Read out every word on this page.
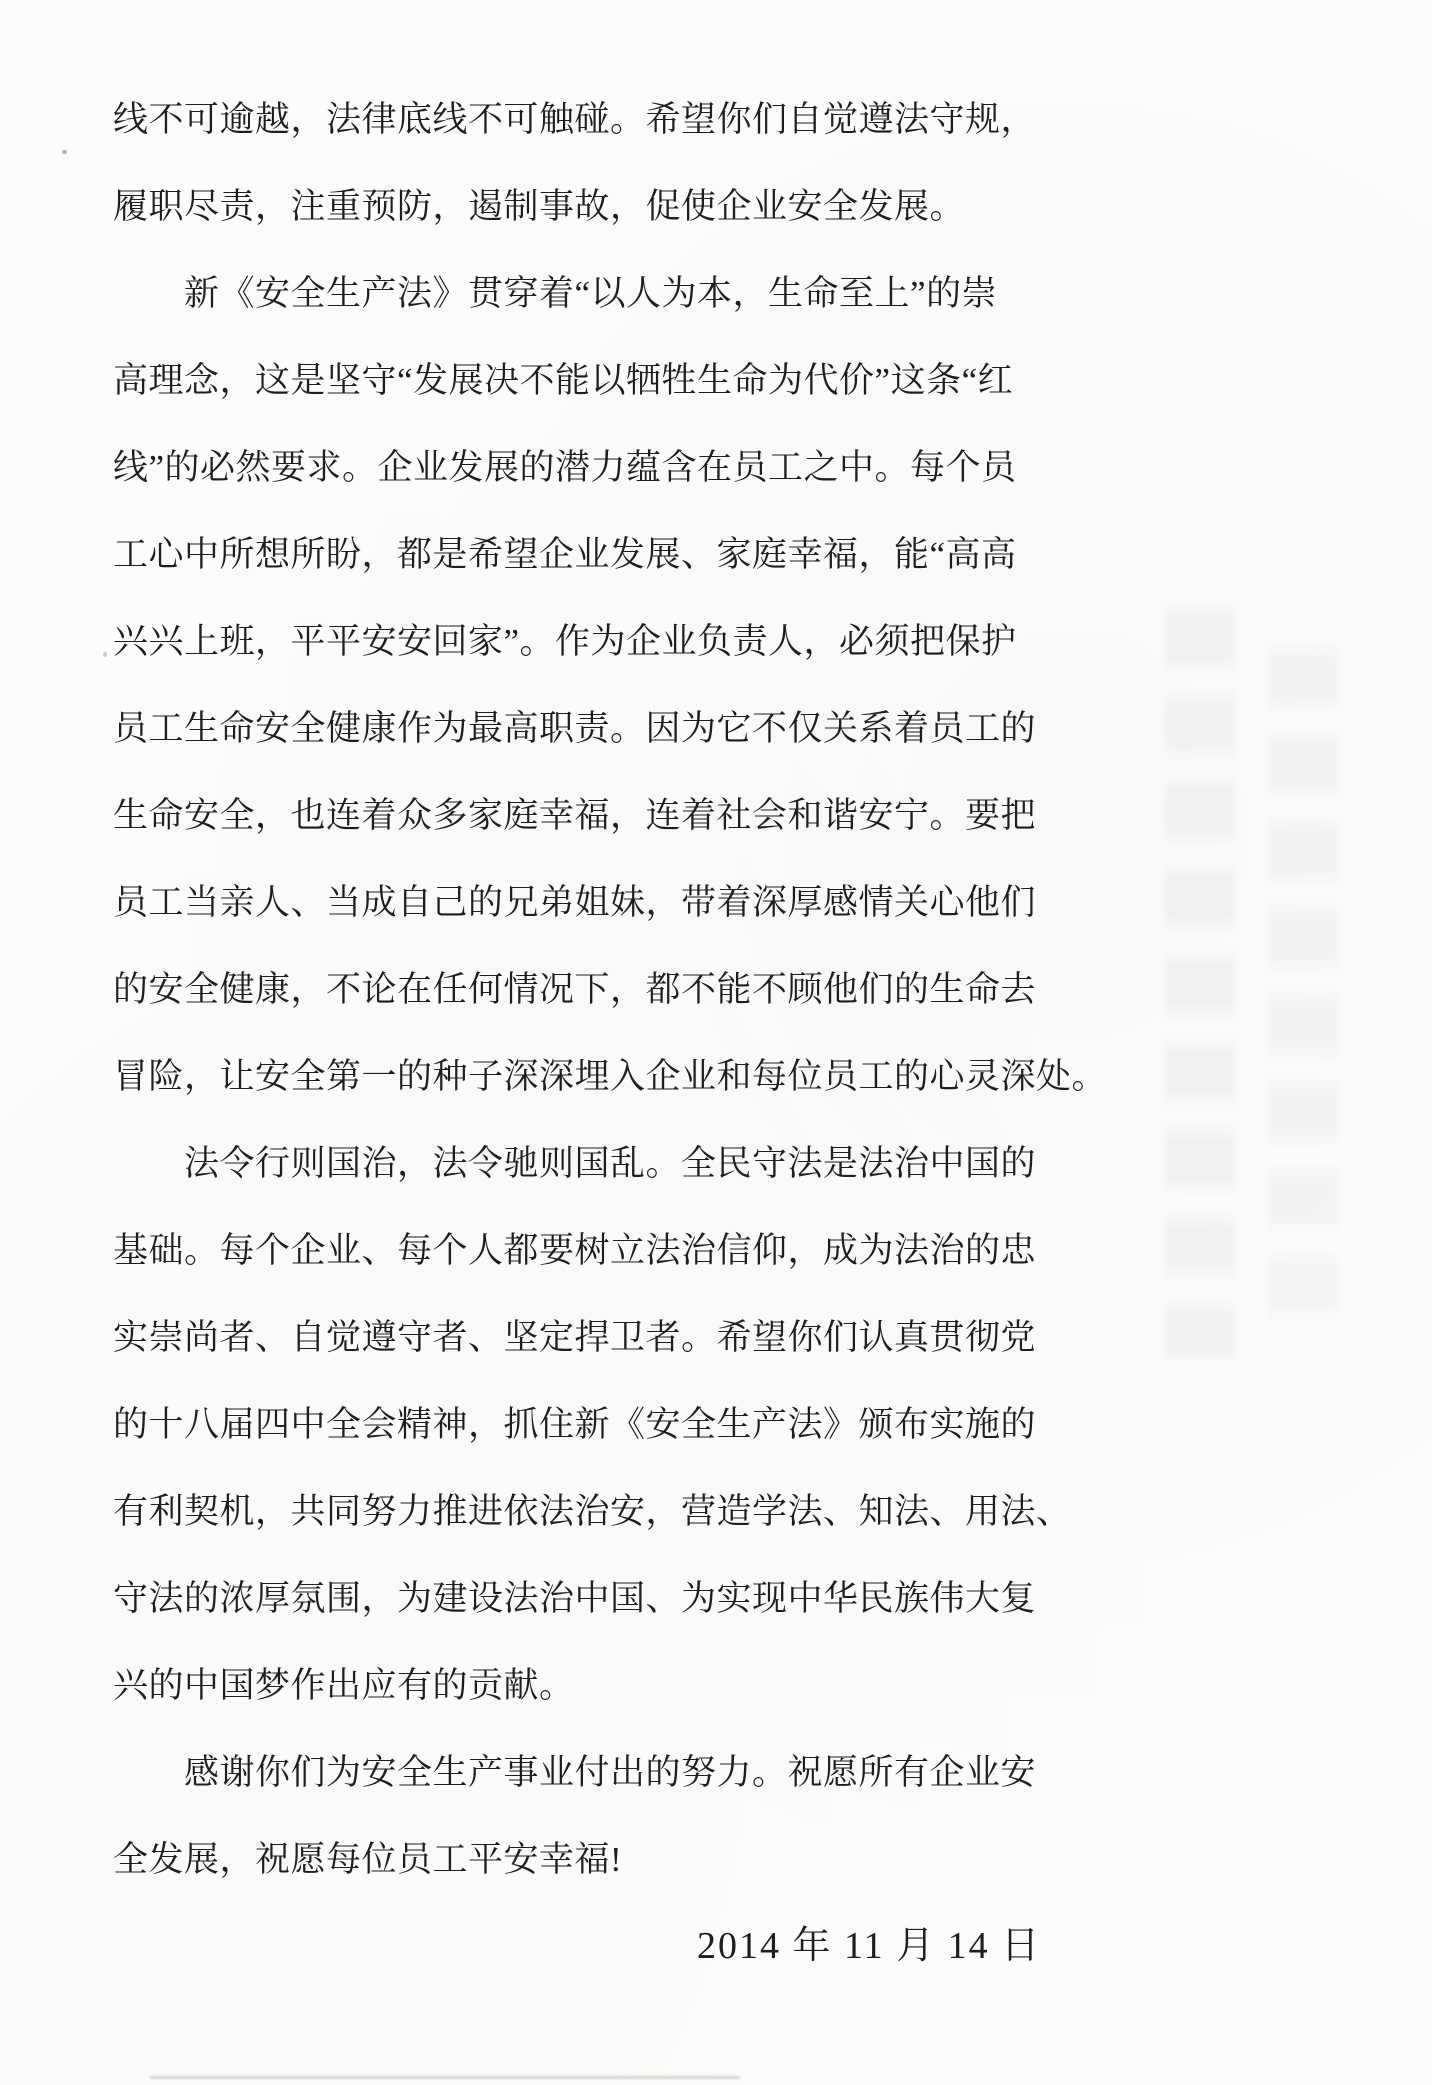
线不可逾越，法律底线不可触碰。希望你们自觉遵法守规，
履职尽责，注重预防，遏制事故，促使企业安全发展。
新《安全生产法》贯穿着“以人为本，生命至上”的崇
高理念，这是坚守“发展决不能以牺牲生命为代价”这条“红
线”的必然要求。企业发展的潜力蕴含在员工之中。每个员
工心中所想所盼，都是希望企业发展、家庭幸福，能“高高
兴兴上班，平平安安回家”。作为企业负责人，必须把保护
员工生命安全健康作为最高职责。因为它不仅关系着员工的
生命安全，也连着众多家庭幸福，连着社会和谐安宁。要把
员工当亲人、当成自己的兄弟姐妹，带着深厚感情关心他们
的安全健康，不论在任何情况下，都不能不顾他们的生命去
冒险，让安全第一的种子深深埋入企业和每位员工的心灵深处。
法令行则国治，法令驰则国乱。全民守法是法治中国的
基础。每个企业、每个人都要树立法治信仰，成为法治的忠
实崇尚者、自觉遵守者、坚定捍卫者。希望你们认真贯彻党
的十八届四中全会精神，抓住新《安全生产法》颁布实施的
有利契机，共同努力推进依法治安，营造学法、知法、用法、
守法的浓厚氛围，为建设法治中国、为实现中华民族伟大复
兴的中国梦作出应有的贡献。
感谢你们为安全生产事业付出的努力。祝愿所有企业安
全发展，祝愿每位员工平安幸福!
2014 年 11 月 14 日
